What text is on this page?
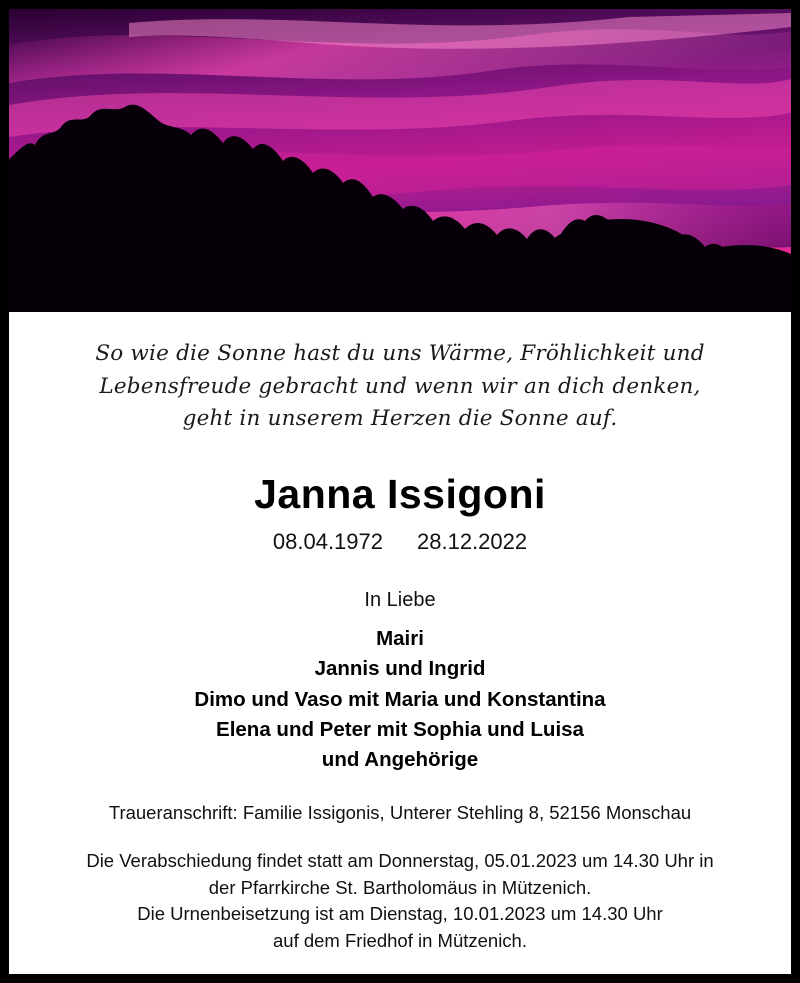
So wie die Sonne hast du uns Wärme, Fröhlichkeit und
Lebensfreude gebracht und wenn wir an dich denken,
geht in unserem Herzen die Sonne auf.
Janna Issigoni
08.04.1972 28.12.2022
In Liebe
Mairi
Jannis und Ingrid
Dimo und Vaso mit Maria und Konstantina
Elena und Peter mit Sophia und Luisa
und Angehörige
Traueranschrift: Familie Issigonis, Unterer Stehling 8, 52156 Monschau
Die Verabschiedung findet statt am Donnerstag, 05.01.2023 um 14.30 Uhr in
der Pfarrkirche St. Bartholomäus in Mützenich.
Die Urnenbeisetzung ist am Dienstag, 10.01.2023 um 14.30 Uhr
auf dem Friedhof in Mützenich.
